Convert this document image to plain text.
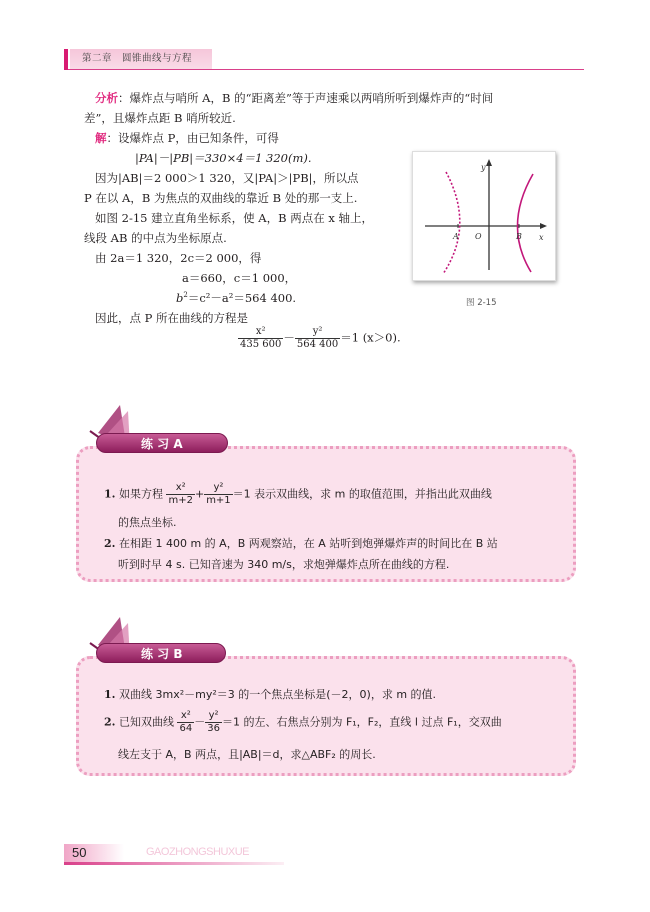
第二章　圆锥曲线与方程
分析：爆炸点与哨所 A，B 的“距离差”等于声速乘以两哨所听到爆炸声的“时间
差”，且爆炸点距 B 哨所较近.
解：设爆炸点 P，由已知条件，可得
|PA|－|PB|＝330×4＝1 320(m).
因为|AB|＝2 000＞1 320，又|PA|＞|PB|，所以点
P 在以 A，B 为焦点的双曲线的靠近 B 处的那一支上.
如图 2-15 建立直角坐标系，使 A，B 两点在 x 轴上，
线段 AB 的中点为坐标原点.
由 2a＝1 320，2c＝2 000，得
a＝660，c＝1 000，
$b^2=c^2-a^2=564$ 400.
因此，点 P 所在曲线的方程是
$\frac{\text{x²}}{435 600} - \frac{\text{y²}}{564 400} =1$ (x＞0).
A O	B x
y
图 2-15
练 习 A
1. 如果方程 $\frac{\text{x²}}{m+2} + \frac{\text{y²}}{m+1} =1$ 表示双曲线，求 m 的取值范围，并指出此双曲线
的焦点坐标.
2. 在相距 1 400 m 的 A，B 两观察站，在 A 站听到炮弹爆炸声的时间比在 B 站
听到时早 4 s. 已知音速为 340 m/s，求炮弹爆炸点所在曲线的方程.
练 习 B
1. 双曲线 3mx²－my²＝3 的一个焦点坐标是(－2，0)，求 m 的值.
2. 已知双曲线 $\frac{\text{x²}}{64} - \frac{\text{y²}}{36} =1$ 的左、右焦点分别为 F₁，F₂，直线 l 过点 F₁，交双曲
线左支于 A，B 两点，且|AB|＝d，求△ABF₂ 的周长.
50	GAOZHONGSHUXUE
